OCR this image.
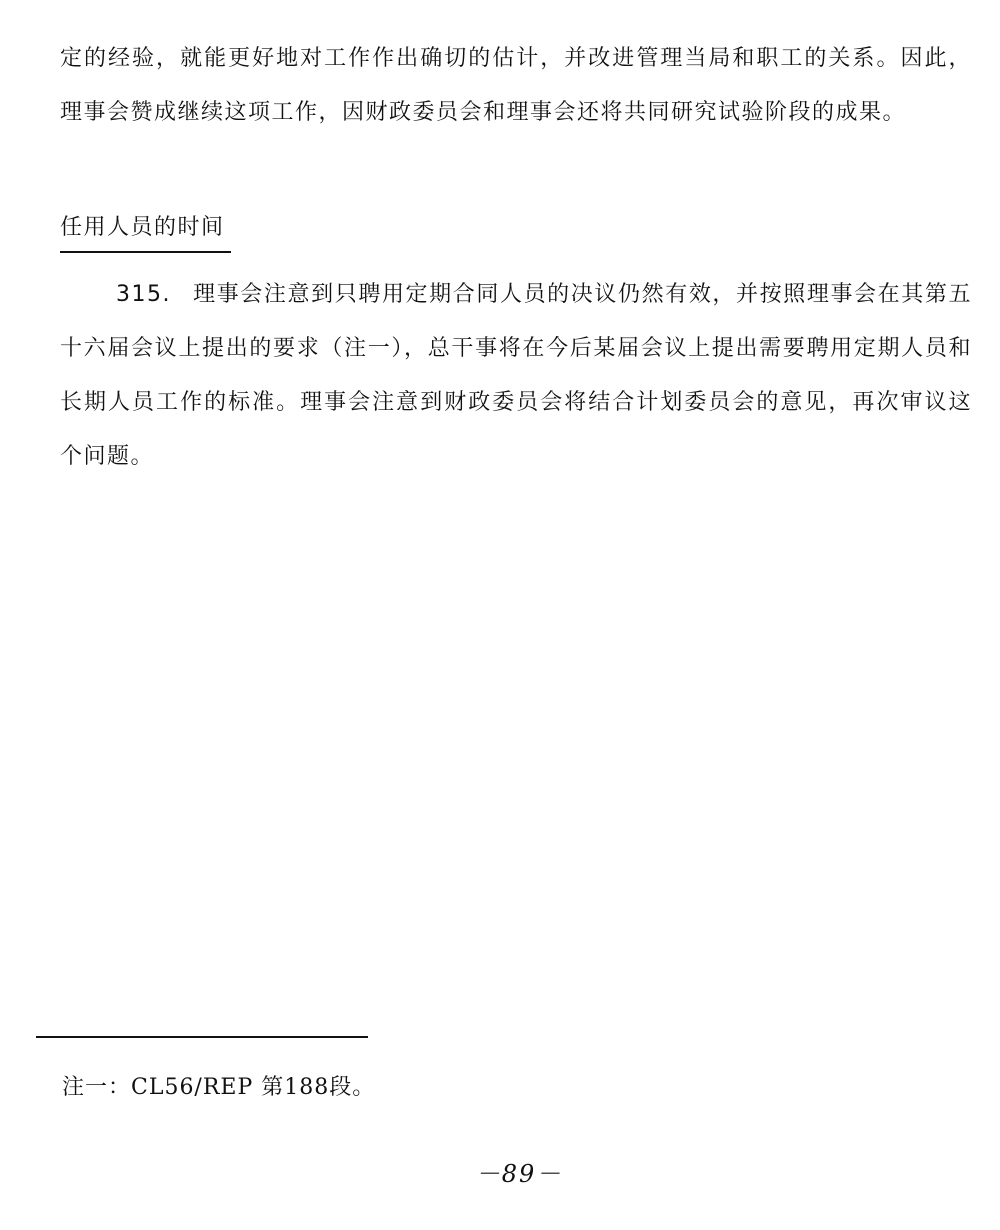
定的经验，就能更好地对工作作出确切的估计，并改进管理当局和职工的关系。因此，理事会赞成继续这项工作，因财政委员会和理事会还将共同研究试验阶段的成果。

任用人员的时间

315. 理事会注意到只聘用定期合同人员的决议仍然有效，并按照理事会在其第五十六届会议上提出的要求（注一），总干事将在今后某届会议上提出需要聘用定期人员和长期人员工作的标准。理事会注意到财政委员会将结合计划委员会的意见，再次审议这个问题。

注一：CL56/REP 第188段。

－89－
